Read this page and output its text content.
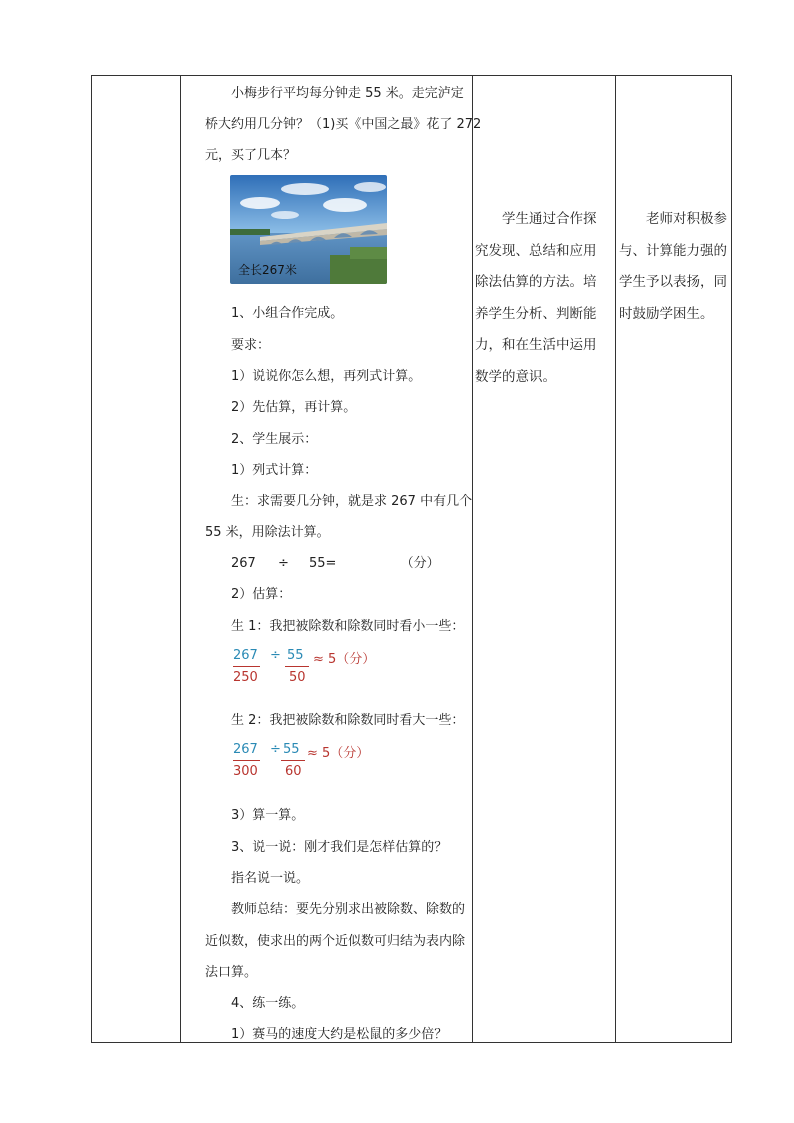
小梅步行平均每分钟走 55 米。走完泸定
桥大约用几分钟？（1)买《中国之最》花了 272
元，买了几本？
全长267米
1、小组合作完成。
要求：
1）说说你怎么想，再列式计算。
2）先估算，再计算。
2、学生展示：
1）列式计算：
生：求需要几分钟，就是求 267 中有几个
55 米，用除法计算。
267 ÷ 55=	（分）
2）估算：
生 1：我把被除数和除数同时看小一些：
267 ÷ 55 ≈ 5（分）
250 50
生 2：我把被除数和除数同时看大一些：
267 ÷ 55 ≈ 5（分）
300 60
3）算一算。
3、说一说：刚才我们是怎样估算的？
指名说一说。
教师总结：要先分别求出被除数、除数的
近似数，使求出的两个近似数可归结为表内除
法口算。
4、练一练。
1）赛马的速度大约是松鼠的多少倍？
学生通过合作探究发现、总结和应用除法估算的方法。培养学生分析、判断能力，和在生活中运用数学的意识。
老师对积极参与、计算能力强的学生予以表扬，同时鼓励学困生。
